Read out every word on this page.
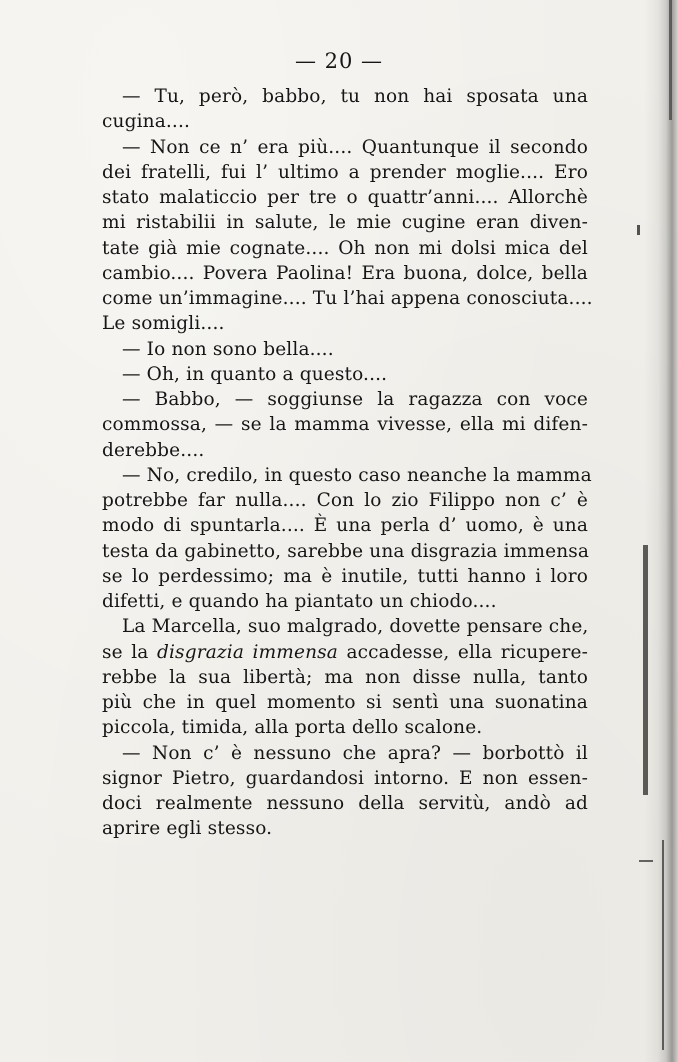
— 20 —
— Tu, però, babbo, tu non hai sposata una
cugina....
— Non ce n’ era più.... Quantunque il secondo
dei fratelli, fui l’ ultimo a prender moglie.... Ero
stato malaticcio per tre o quattr’anni.... Allorchè
mi ristabilii in salute, le mie cugine eran diven-
tate già mie cognate.... Oh non mi dolsi mica del
cambio.... Povera Paolina! Era buona, dolce, bella
come un’immagine.... Tu l’hai appena conosciuta....
Le somigli....
— Io non sono bella....
— Oh, in quanto a questo....
— Babbo, — soggiunse la ragazza con voce
commossa, — se la mamma vivesse, ella mi difen-
derebbe....
— No, credilo, in questo caso neanche la mamma
potrebbe far nulla.... Con lo zio Filippo non c’ è
modo di spuntarla.... È una perla d’ uomo, è una
testa da gabinetto, sarebbe una disgrazia immensa
se lo perdessimo; ma è inutile, tutti hanno i loro
difetti, e quando ha piantato un chiodo....
La Marcella, suo malgrado, dovette pensare che,
se la disgrazia immensa accadesse, ella ricupere-
rebbe la sua libertà; ma non disse nulla, tanto
più che in quel momento si sentì una suonatina
piccola, timida, alla porta dello scalone.
— Non c’ è nessuno che apra? — borbottò il
signor Pietro, guardandosi intorno. E non essen-
doci realmente nessuno della servitù, andò ad
aprire egli stesso.
